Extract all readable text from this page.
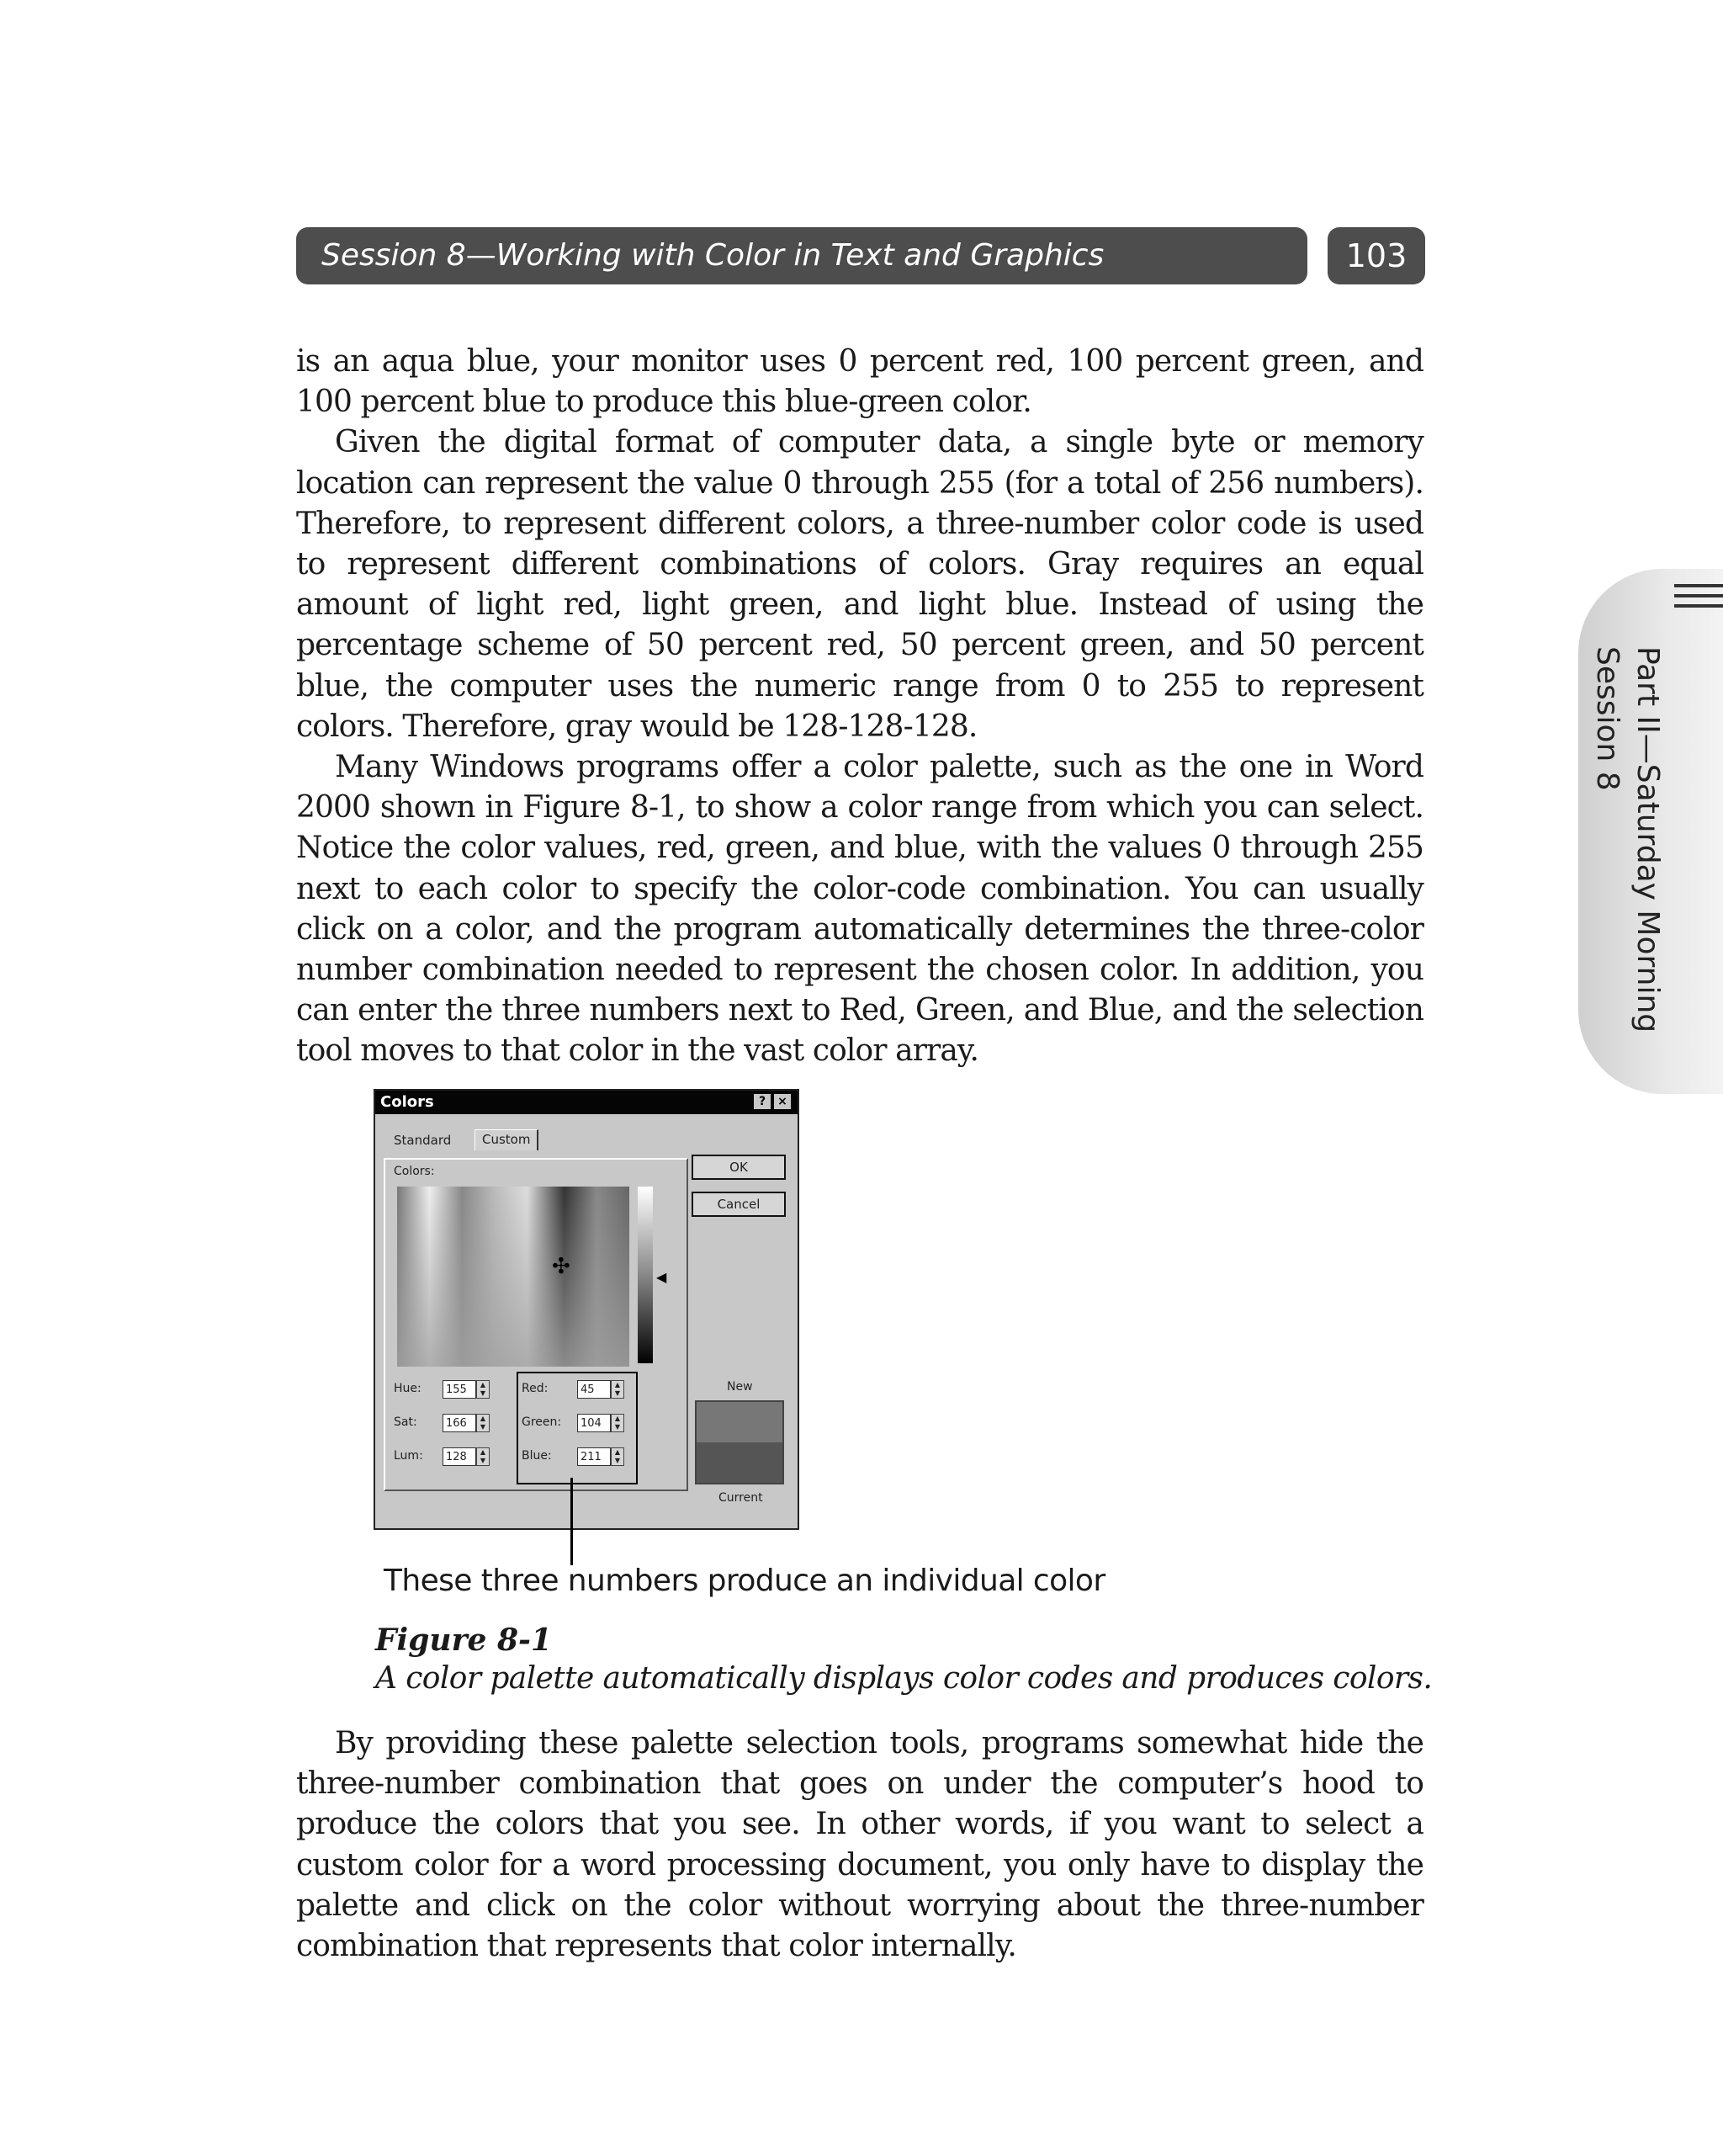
Session 8—Working with Color in Text and Graphics	103
Part II—Saturday Morning
Session 8

is an aqua blue, your monitor uses 0 percent red, 100 percent green, and 100 percent blue to produce this blue-green color.

Given the digital format of computer data, a single byte or memory location can represent the value 0 through 255 (for a total of 256 numbers). Therefore, to represent different colors, a three-number color code is used to represent different combinations of colors. Gray requires an equal amount of light red, light green, and light blue. Instead of using the percentage scheme of 50 percent red, 50 percent green, and 50 percent blue, the computer uses the numeric range from 0 to 255 to represent colors. Therefore, gray would be 128-128-128.

Many Windows programs offer a color palette, such as the one in Word 2000 shown in Figure 8-1, to show a color range from which you can select. Notice the color values, red, green, and blue, with the values 0 through 255 next to each color to specify the color-code combination. You can usually click on a color, and the program automatically determines the three-color number combination needed to represent the chosen color. In addition, you can enter the three numbers next to Red, Green, and Blue, and the selection tool moves to that color in the vast color array.

Colors	?	×
Standard	Custom
Colors:
✣	◀
OK
Cancel
Hue:	155	▲
▼
Sat:	166	▲
▼
Lum:	128	▲
▼
Red:	45	▲
▼
Green:	104	▲
▼
Blue:	211	▲
▼
New
Current
These three numbers produce an individual color
Figure 8-1
A color palette automatically displays color codes and produces colors.

By providing these palette selection tools, programs somewhat hide the three-number combination that goes on under the computer’s hood to produce the colors that you see. In other words, if you want to select a custom color for a word processing document, you only have to display the palette and click on the color without worrying about the three-number combination that represents that color internally.
